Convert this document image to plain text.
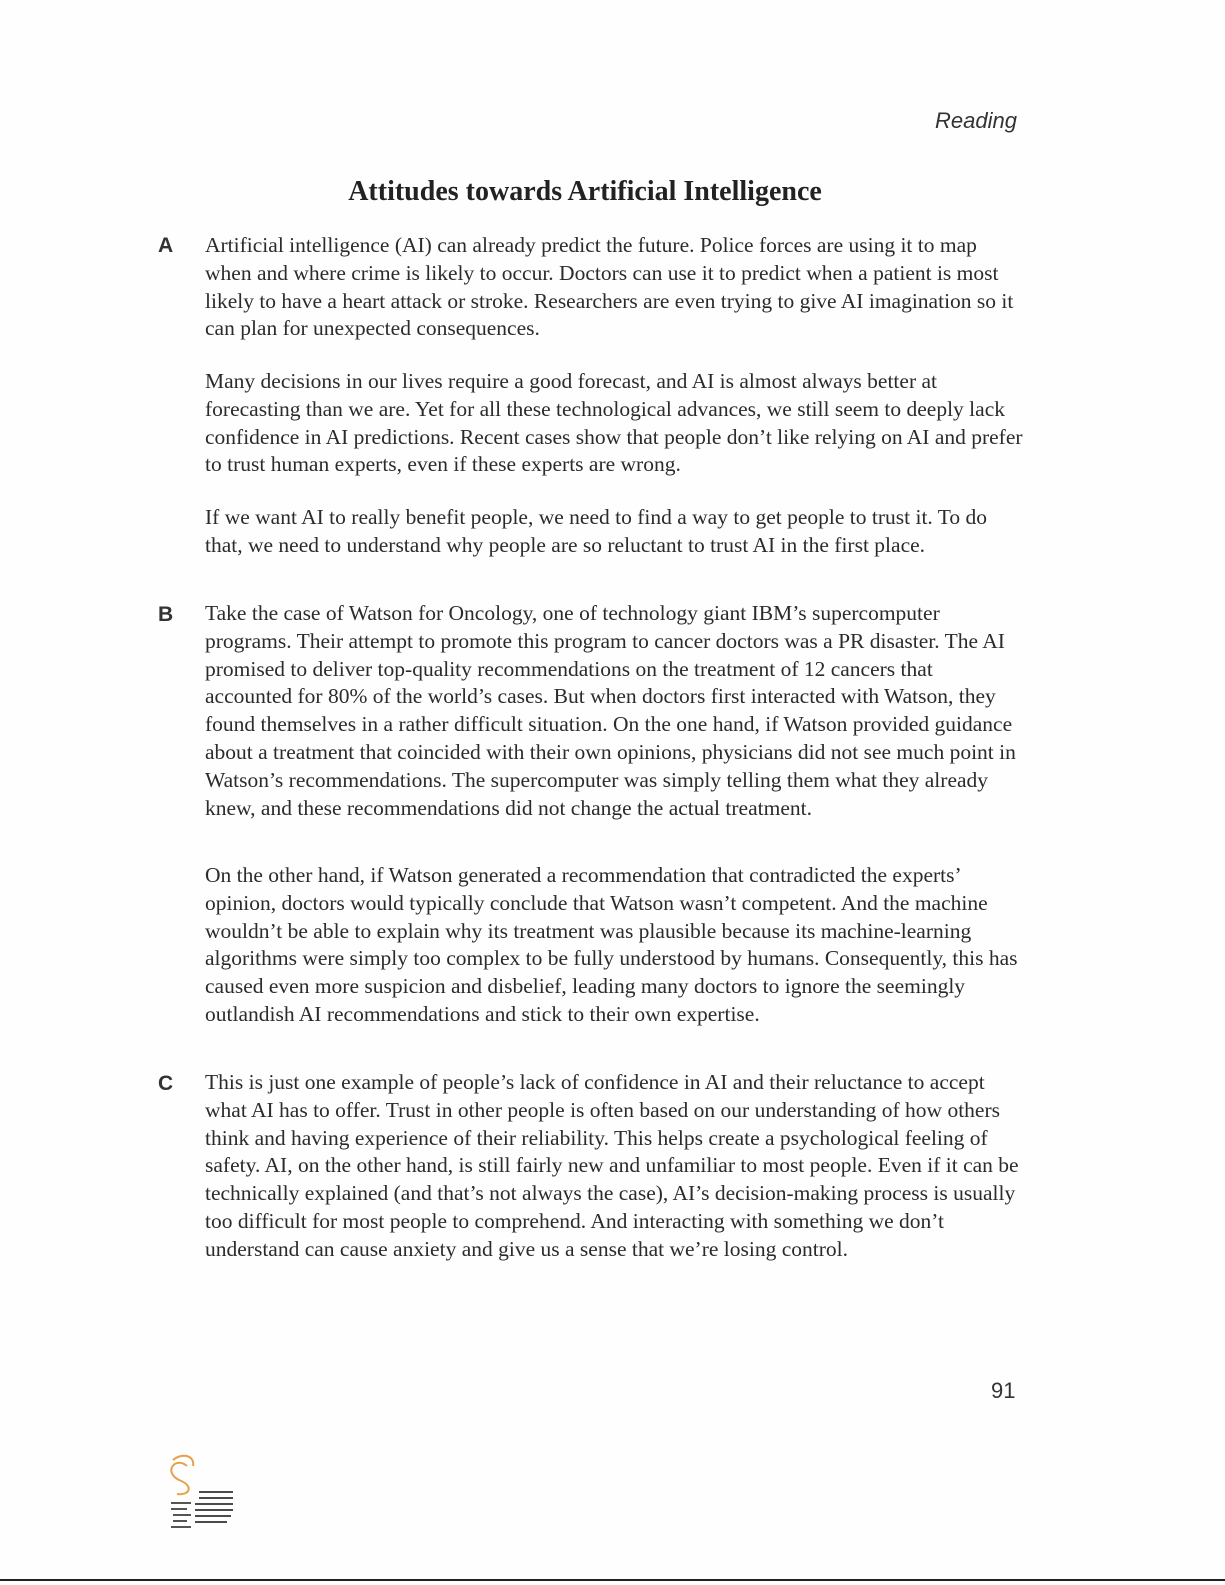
Reading
Attitudes towards Artificial Intelligence
A Artificial intelligence (AI) can already predict the future. Police forces are using it to map when and where crime is likely to occur. Doctors can use it to predict when a patient is most likely to have a heart attack or stroke. Researchers are even trying to give AI imagination so it can plan for unexpected consequences.

Many decisions in our lives require a good forecast, and AI is almost always better at forecasting than we are. Yet for all these technological advances, we still seem to deeply lack confidence in AI predictions. Recent cases show that people don’t like relying on AI and prefer to trust human experts, even if these experts are wrong.

If we want AI to really benefit people, we need to find a way to get people to trust it. To do that, we need to understand why people are so reluctant to trust AI in the first place.

B Take the case of Watson for Oncology, one of technology giant IBM’s supercomputer programs. Their attempt to promote this program to cancer doctors was a PR disaster. The AI promised to deliver top-quality recommendations on the treatment of 12 cancers that accounted for 80% of the world’s cases. But when doctors first interacted with Watson, they found themselves in a rather difficult situation. On the one hand, if Watson provided guidance about a treatment that coincided with their own opinions, physicians did not see much point in Watson’s recommendations. The supercomputer was simply telling them what they already knew, and these recommendations did not change the actual treatment.

On the other hand, if Watson generated a recommendation that contradicted the experts’ opinion, doctors would typically conclude that Watson wasn’t competent. And the machine wouldn’t be able to explain why its treatment was plausible because its machine-learning algorithms were simply too complex to be fully understood by humans. Consequently, this has caused even more suspicion and disbelief, leading many doctors to ignore the seemingly outlandish AI recommendations and stick to their own expertise.

C This is just one example of people’s lack of confidence in AI and their reluctance to accept what AI has to offer. Trust in other people is often based on our understanding of how others think and having experience of their reliability. This helps create a psychological feeling of safety. AI, on the other hand, is still fairly new and unfamiliar to most people. Even if it can be technically explained (and that’s not always the case), AI’s decision-making process is usually too difficult for most people to comprehend. And interacting with something we don’t understand can cause anxiety and give us a sense that we’re losing control.

91
